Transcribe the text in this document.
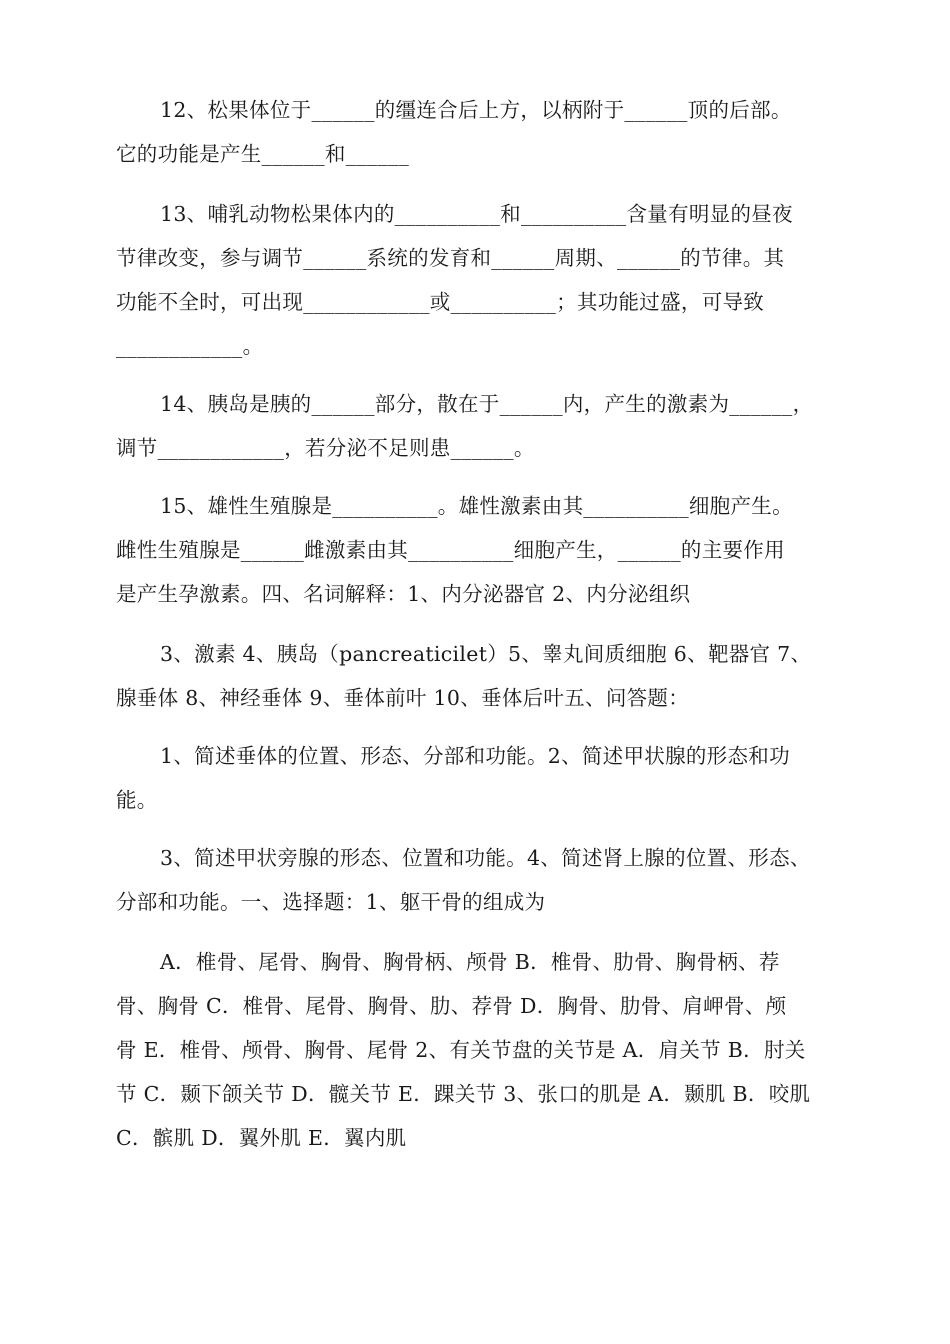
12、松果体位于______的缰连合后上方，以柄附于______顶的后部。
它的功能是产生______和______
13、哺乳动物松果体内的__________和__________含量有明显的昼夜
节律改变，参与调节______系统的发育和______周期、______的节律。其
功能不全时，可出现____________或__________；其功能过盛，可导致
____________。
14、胰岛是胰的______部分，散在于______内，产生的激素为______，
调节____________，若分泌不足则患______。
15、雄性生殖腺是__________。雄性激素由其__________细胞产生。
雌性生殖腺是______雌激素由其__________细胞产生，______的主要作用
是产生孕激素。四、名词解释：1、内分泌器官 2、内分泌组织
3、激素 4、胰岛（pancreaticilet）5、睾丸间质细胞 6、靶器官 7、
腺垂体 8、神经垂体 9、垂体前叶 10、垂体后叶五、问答题：
1、简述垂体的位置、形态、分部和功能。2、简述甲状腺的形态和功
能。
3、简述甲状旁腺的形态、位置和功能。4、简述肾上腺的位置、形态、
分部和功能。一、选择题：1、躯干骨的组成为
A．椎骨、尾骨、胸骨、胸骨柄、颅骨 B．椎骨、肋骨、胸骨柄、荐
骨、胸骨 C．椎骨、尾骨、胸骨、肋、荐骨 D．胸骨、肋骨、肩岬骨、颅
骨 E．椎骨、颅骨、胸骨、尾骨 2、有关节盘的关节是 A．肩关节 B．肘关
节 C．颞下颌关节 D．髋关节 E．踝关节 3、张口的肌是 A．颞肌 B．咬肌
C．髌肌 D．翼外肌 E．翼内肌
